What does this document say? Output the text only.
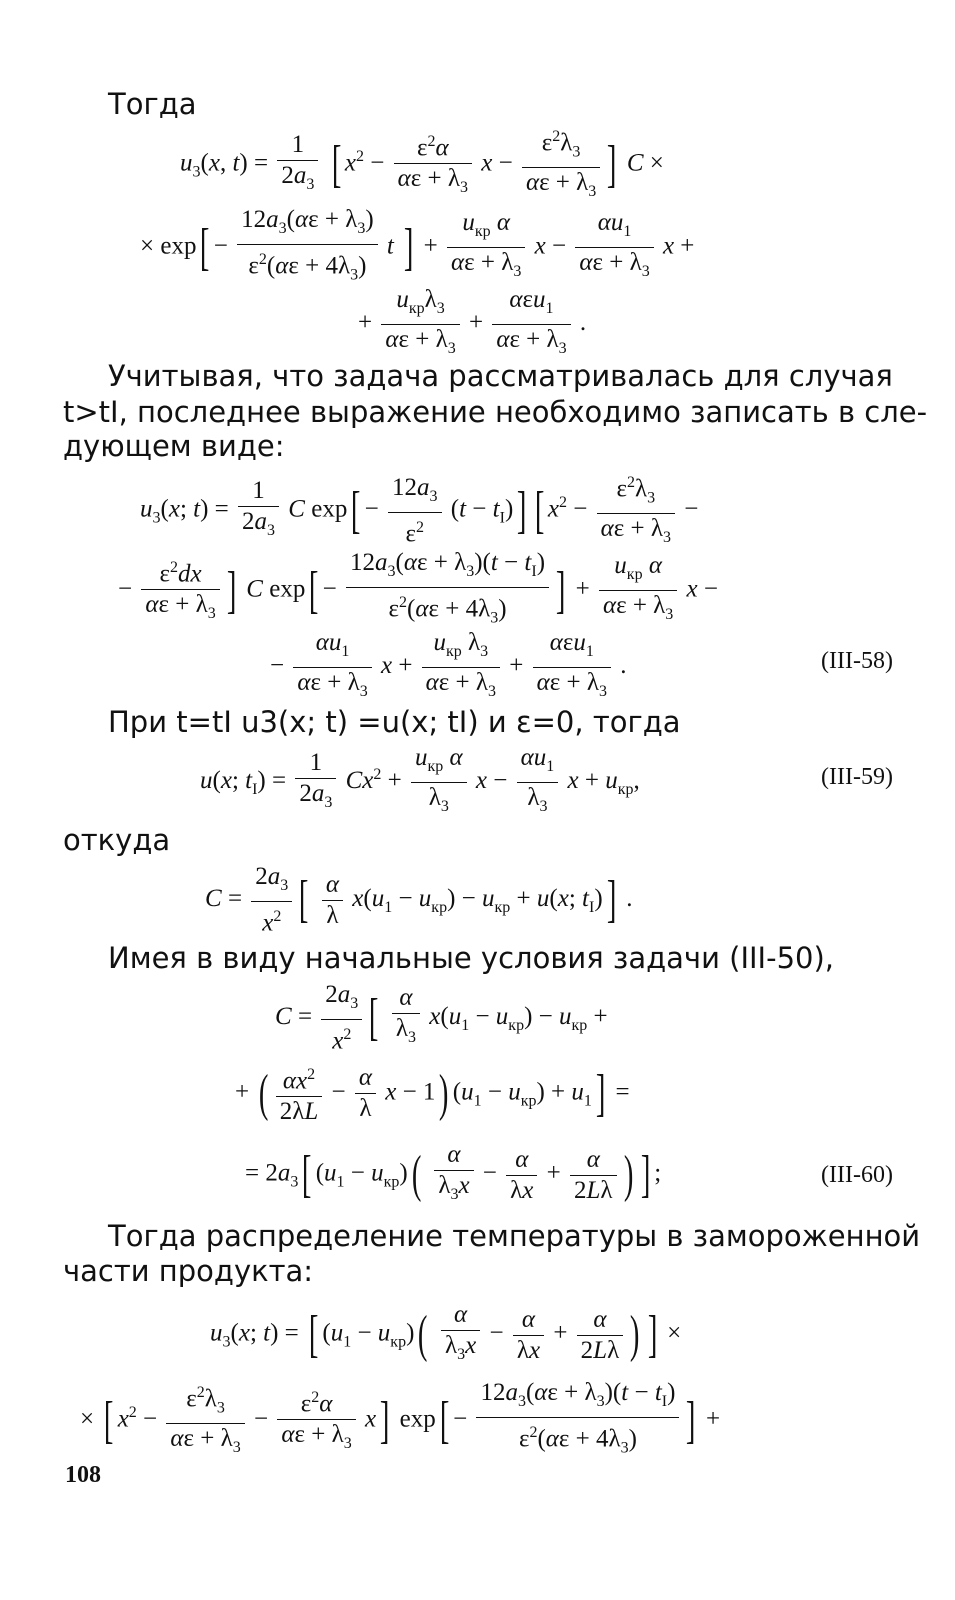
Тогда
$u_3(x$, $t) = \frac{1}{2a_3}$ [ $x^2 - \frac{\varepsilon^2\alpha}{\alpha\varepsilon + \lambda_3}$ $x - \frac{\varepsilon^2\lambda_3}{\alpha\varepsilon + \lambda_3}$ ] C ×
× $\exp[ - \frac{12a_3(\alpha\varepsilon + \lambda_3)}{\varepsilon^2(\alpha\varepsilon + 4\lambda_3)}$ t ] + $\frac{u_{кр} \alpha}{\alpha\varepsilon + \lambda_3}$ $x - \frac{\alpha u_1}{\alpha\varepsilon + \lambda_3}$ x +
+ $\frac{u_{кр}\lambda_3}{\alpha\varepsilon + \lambda_3} + \frac{\alpha\varepsilon u_1}{\alpha\varepsilon + \lambda_3}$ .
Учитывая, что задача рассматривалась для случая
t>tI, последнее выражение необходимо записать в сле-
дующем виде:
$u_3(x$; $t) = \frac{1}{2a_3}$ C $\exp[ - \frac{12a_3}{\varepsilon^2} (t - t_I)]$ [ $x^2 - \frac{\varepsilon^2\lambda_3}{\alpha\varepsilon + \lambda_3}$ −
− $\frac{\varepsilon^2dx}{\alpha\varepsilon + \lambda_3}$ ] C $\exp[ - \frac{12a_3(\alpha\varepsilon + \lambda_3)(t - t_I)}{\varepsilon^2(\alpha\varepsilon + 4\lambda_3)}$ ] + $\frac{u_{кр} \alpha}{\alpha\varepsilon + \lambda_3}$ x −
− $\frac{\alpha u_1}{\alpha\varepsilon + \lambda_3}$ $x + \frac{u_{кр} \lambda_3}{\alpha\varepsilon + \lambda_3} + \frac{\alpha\varepsilon u_1}{\alpha\varepsilon + \lambda_3}$ .	(III-58)
При t=tI u3(x; t) =u(x; tI) и ε=0, тогда
u(x; $t_I) = \frac{1}{2a_3} Cx^2 + \frac{u_{кр} \alpha}{\lambda_3}$ $x - \frac{\alpha u_1}{\lambda_3}$ $x + u_{кр}$,	(III-59)
откуда
$C = \frac{2a_3}{x^2}$ [ $\frac{\alpha}{\lambda} x(u_1 - u_{кр}) - u_{кр} + u(x$; $t_I$)] .
Имея в виду начальные условия задачи (III-50),
$C = \frac{2a_3}{x^2}$ [ $\frac{\alpha}{\lambda_3} x(u_1 - u_{кр}) - u_{кр}$ +
+ ( $\frac{\alpha x^2}{2\lambda L} - \frac{\alpha}{\lambda}$ x − 1) $(u_1 - u_{кр}) + u_1$] =
= $2a_3$[ $(u_1 - u_{кр})( \frac{\alpha}{\lambda_3x} - \frac{\alpha}{\lambda x} + \frac{\alpha}{2L\lambda}$ ) ] ;	(III-60)
Тогда распределение температуры в замороженной
части продукта:
$u_3(x$; t) = [ $(u_1 - u_{кр})( \frac{\alpha}{\lambda_3x} - \frac{\alpha}{\lambda x} + \frac{\alpha}{2L\lambda}$ ) ] ×
× [ $x^2 - \frac{\varepsilon^2\lambda_3}{\alpha\varepsilon + \lambda_3} - \frac{\varepsilon^2\alpha}{\alpha\varepsilon + \lambda_3} x$] $\exp[ - \frac{12a_3(\alpha\varepsilon + \lambda_3)(t - t_I)}{\varepsilon^2(\alpha\varepsilon + 4\lambda_3)}$ ] +
108
